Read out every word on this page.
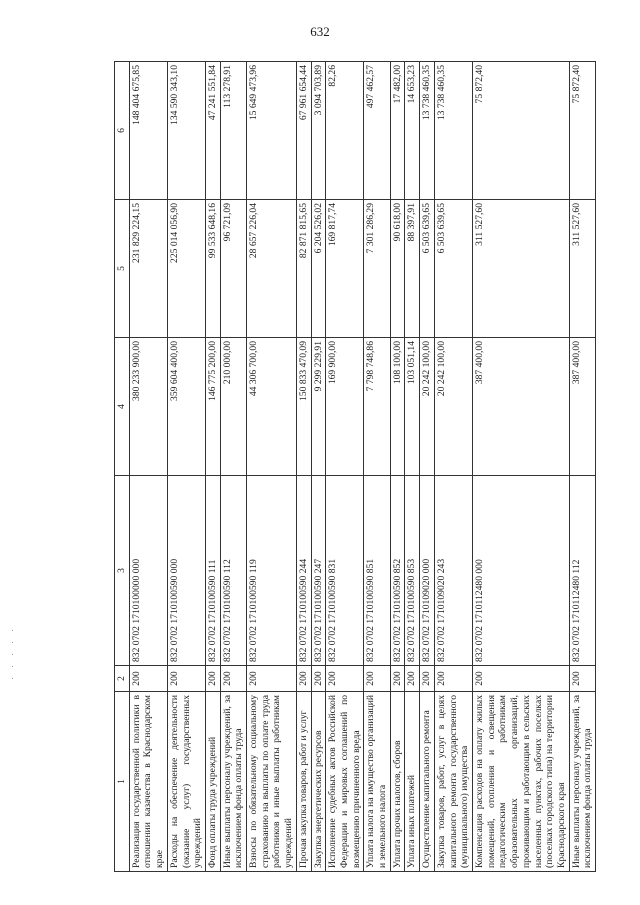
632
1	2	3	4	5	6
Реализация государственной политики в отношении казачества в Краснодарском крае	200	832 0702 1710100000 000	380 233 900,00	231 829 224,15	148 404 675,85
Расходы на обеспечение деятельности (оказание услуг) государственных учреждений	200	832 0702 1710100590 000	359 604 400,00	225 014 056,90	134 590 343,10
Фонд оплаты труда учреждений	200	832 0702 1710100590 111	146 775 200,00	99 533 648,16	47 241 551,84
Иные выплаты персоналу учреждений, за исключением фонда оплаты труда	200	832 0702 1710100590 112	210 000,00	96 721,09	113 278,91
Взносы по обязательному социальному страхованию на выплаты по оплате труда работников и иные выплаты работникам учреждений	200	832 0702 1710100590 119	44 306 700,00	28 657 226,04	15 649 473,96
Прочая закупка товаров, работ и услуг	200	832 0702 1710100590 244	150 833 470,09	82 871 815,65	67 961 654,44
Закупка энергетических ресурсов	200	832 0702 1710100590 247	9 299 229,91	6 204 526,02	3 094 703,89
Исполнение судебных актов Российской Федерации и мировых соглашений по возмещению причиненного вреда	200	832 0702 1710100590 831	169 900,00	169 817,74	82,26
Уплата налога на имущество организаций и земельного налога	200	832 0702 1710100590 851	7 798 748,86	7 301 286,29	497 462,57
Уплата прочих налогов, сборов	200	832 0702 1710100590 852	108 100,00	90 618,00	17 482,00
Уплата иных платежей	200	832 0702 1710100590 853	103 051,14	88 397,91	14 653,23
Осуществление капитального ремонта	200	832 0702 1710109020 000	20 242 100,00	6 503 639,65	13 738 460,35
Закупка товаров, работ, услуг в целях капитального ремонта государственного (муниципального) имущества	200	832 0702 1710109020 243	20 242 100,00	6 503 639,65	13 738 460,35
Компенсация расходов на оплату жилых помещений, отопления и освещения педагогическим работникам образовательных организаций, проживающим и работающим в сельских населенных пунктах, рабочих поселках (поселках городского типа) на территории Краснодарского края	200	832 0702 1710112480 000	387 400,00	311 527,60	75 872,40
Иные выплаты персоналу учреждений, за исключением фонда оплаты труда	200	832 0702 1710112480 112	387 400,00	311 527,60	75 872,40
